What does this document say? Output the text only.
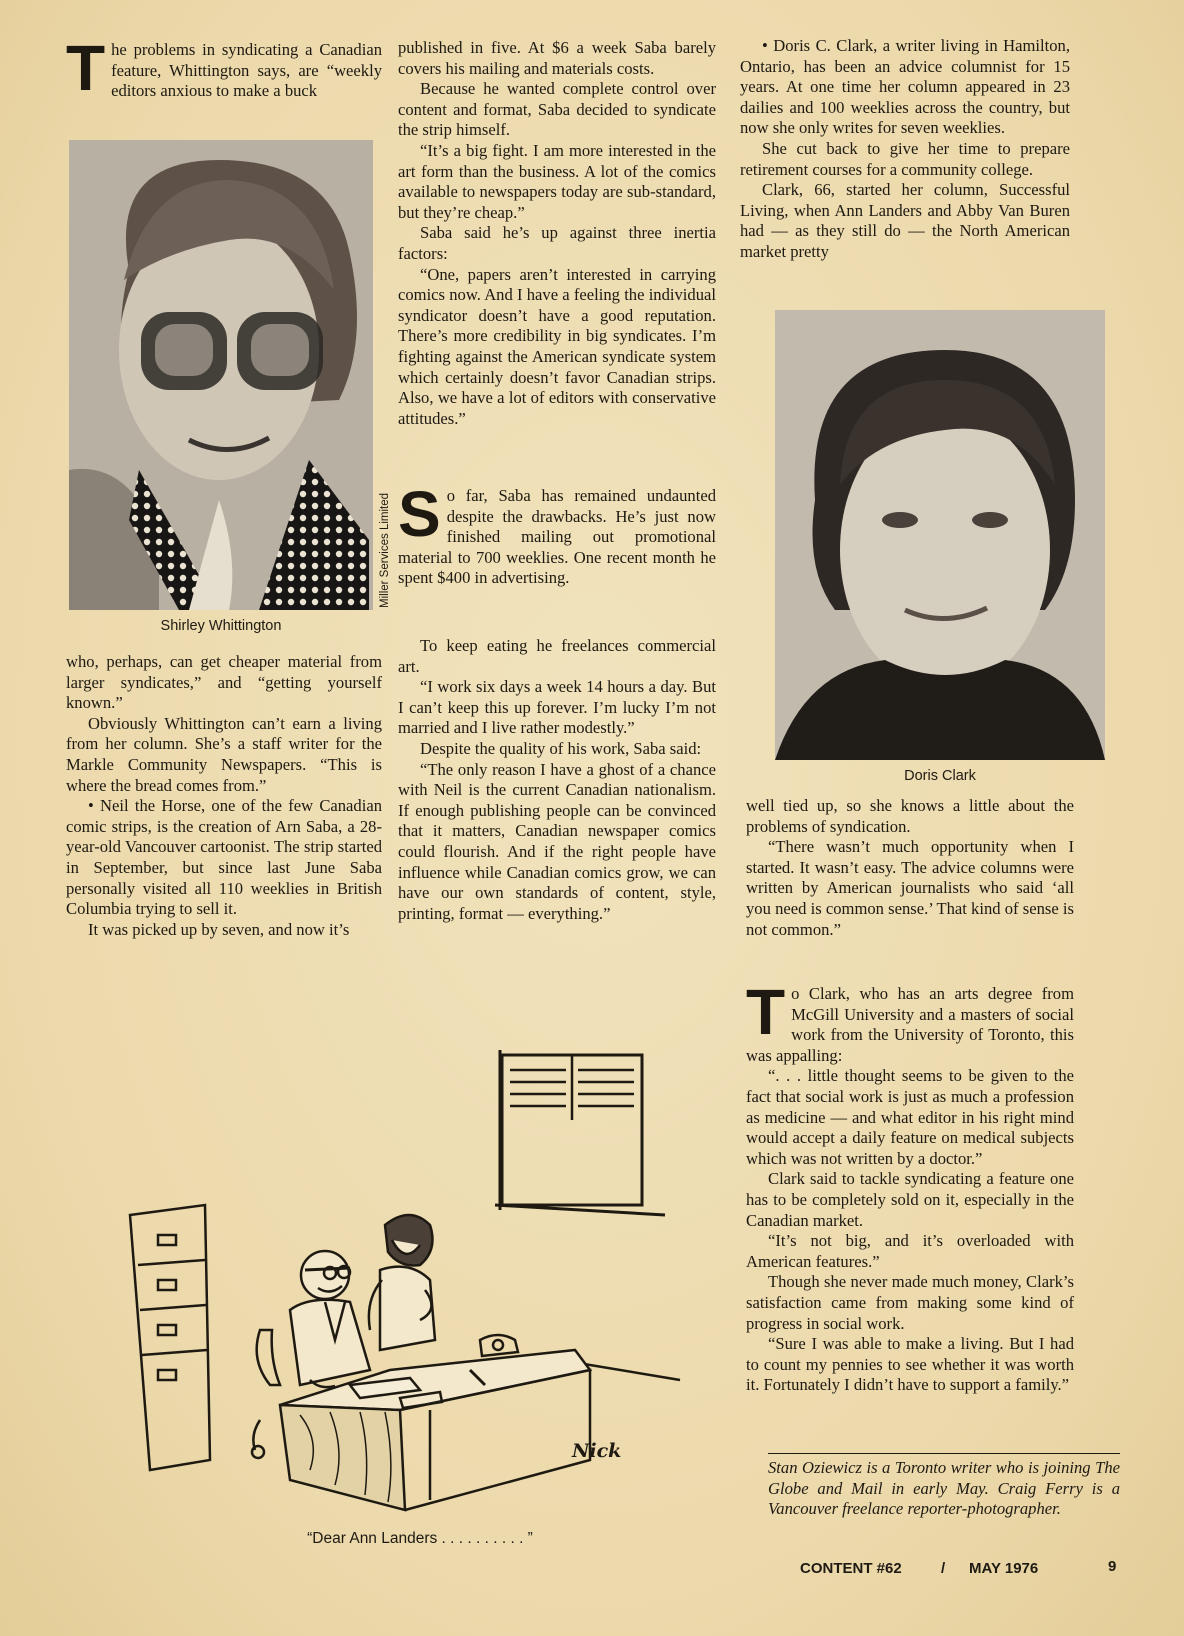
T he problems in syndicating a Canadian feature, Whittington says, are “weekly editors anxious to make a buck

Miller Services Limited
Shirley Whittington

who, perhaps, can get cheaper material from larger syndicates,” and “getting yourself known.”

Obviously Whittington can’t earn a living from her column. She’s a staff writer for the Markle Community Newspapers. “This is where the bread comes from.”

• Neil the Horse, one of the few Canadian comic strips, is the creation of Arn Saba, a 28-year-old Vancouver cartoonist. The strip started in September, but since last June Saba personally visited all 110 weeklies in British Columbia trying to sell it.

It was picked up by seven, and now it’s

published in five. At $6 a week Saba barely covers his mailing and materials costs.

Because he wanted complete control over content and format, Saba decided to syndicate the strip himself.

“It’s a big fight. I am more interested in the art form than the business. A lot of the comics available to newspapers today are sub-standard, but they’re cheap.”

Saba said he’s up against three inertia factors:

“One, papers aren’t interested in carrying comics now. And I have a feeling the individual syndicator doesn’t have a good reputation. There’s more credibility in big syndicates. I’m fighting against the American syndicate system which certainly doesn’t favor Canadian strips. Also, we have a lot of editors with conservative attitudes.”

S o far, Saba has remained undaunted despite the drawbacks. He’s just now finished mailing out promotional material to 700 weeklies. One recent month he spent $400 in advertising.

To keep eating he freelances commercial art.

“I work six days a week 14 hours a day. But I can’t keep this up forever. I’m lucky I’m not married and I live rather modestly.”

Despite the quality of his work, Saba said:

“The only reason I have a ghost of a chance with Neil is the current Canadian nationalism. If enough publishing people can be convinced that it matters, Canadian newspaper comics could flourish. And if the right people have influence while Canadian comics grow, we can have our own standards of content, style, printing, format — everything.”

• Doris C. Clark, a writer living in Hamilton, Ontario, has been an advice columnist for 15 years. At one time her column appeared in 23 dailies and 100 weeklies across the country, but now she only writes for seven weeklies.

She cut back to give her time to prepare retirement courses for a community college.

Clark, 66, started her column, Successful Living, when Ann Landers and Abby Van Buren had — as they still do — the North American market pretty

Doris Clark

well tied up, so she knows a little about the problems of syndication.

“There wasn’t much opportunity when I started. It wasn’t easy. The advice columns were written by American journalists who said ‘all you need is common sense.’ That kind of sense is not common.”

T o Clark, who has an arts degree from McGill University and a masters of social work from the University of Toronto, this was appalling:

“. . . little thought seems to be given to the fact that social work is just as much a profession as medicine — and what editor in his right mind would accept a daily feature on medical subjects which was not written by a doctor.”

Clark said to tackle syndicating a feature one has to be completely sold on it, especially in the Canadian market.

“It’s not big, and it’s overloaded with American features.”

Though she never made much money, Clark’s satisfaction came from making some kind of progress in social work.

“Sure I was able to make a living. But I had to count my pennies to see whether it was worth it. Fortunately I didn’t have to support a family.”

Stan Oziewicz is a Toronto writer who is joining The Globe and Mail in early May. Craig Ferry is a Vancouver freelance reporter-photographer.
Nick
“Dear Ann Landers . . . . . . . . . . ”
CONTENT #62	/ MAY 1976	9
